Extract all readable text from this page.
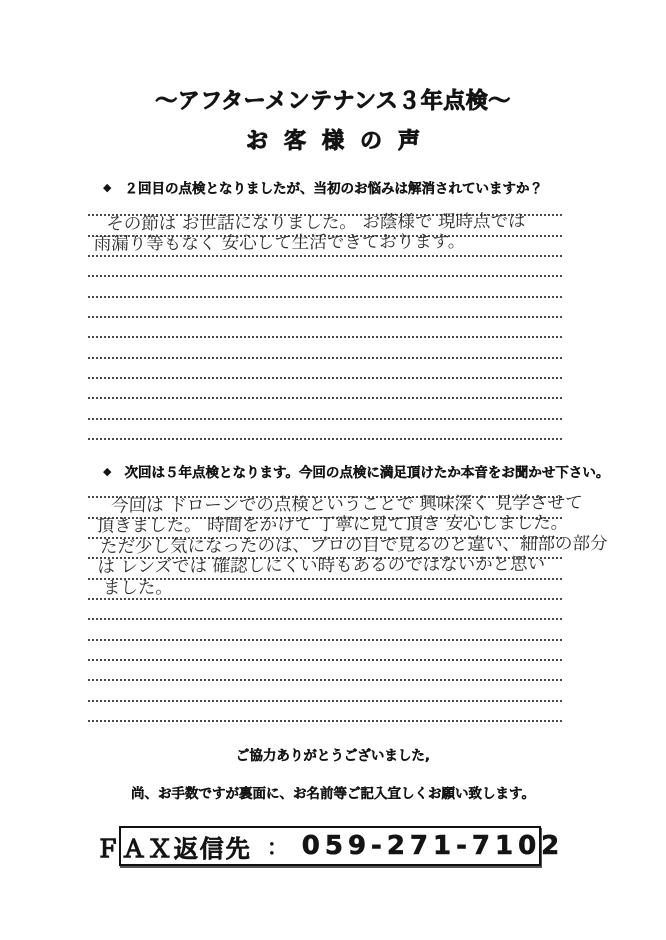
～アフターメンテナンス３年点検～
お客様の声
◆ ２回目の点検となりましたが、当初のお悩みは解消されていますか？
その節は お世話になりました。 お蔭様で 現時点では
雨漏り等もなく 安心して生活できております。
◆ 次回は５年点検となります。今回の点検に満足頂けたか本音をお聞かせ下さい。
今回は ドローンでの点検ということで 興味深く 見学させて
頂きました。 時間をかけて 丁寧に見て頂き 安心しました。
ただ少し気になったのは、プロの目で見るのと違い、細部の部分
は レンズでは 確認しにくい時もあるのではないかと思い
ました。
ご協力ありがとうございました,
尚、お手数ですが裏面に、お名前等ご記入宜しくお願い致します。
ＦＡＸ返信先 ： 059-271-7102
